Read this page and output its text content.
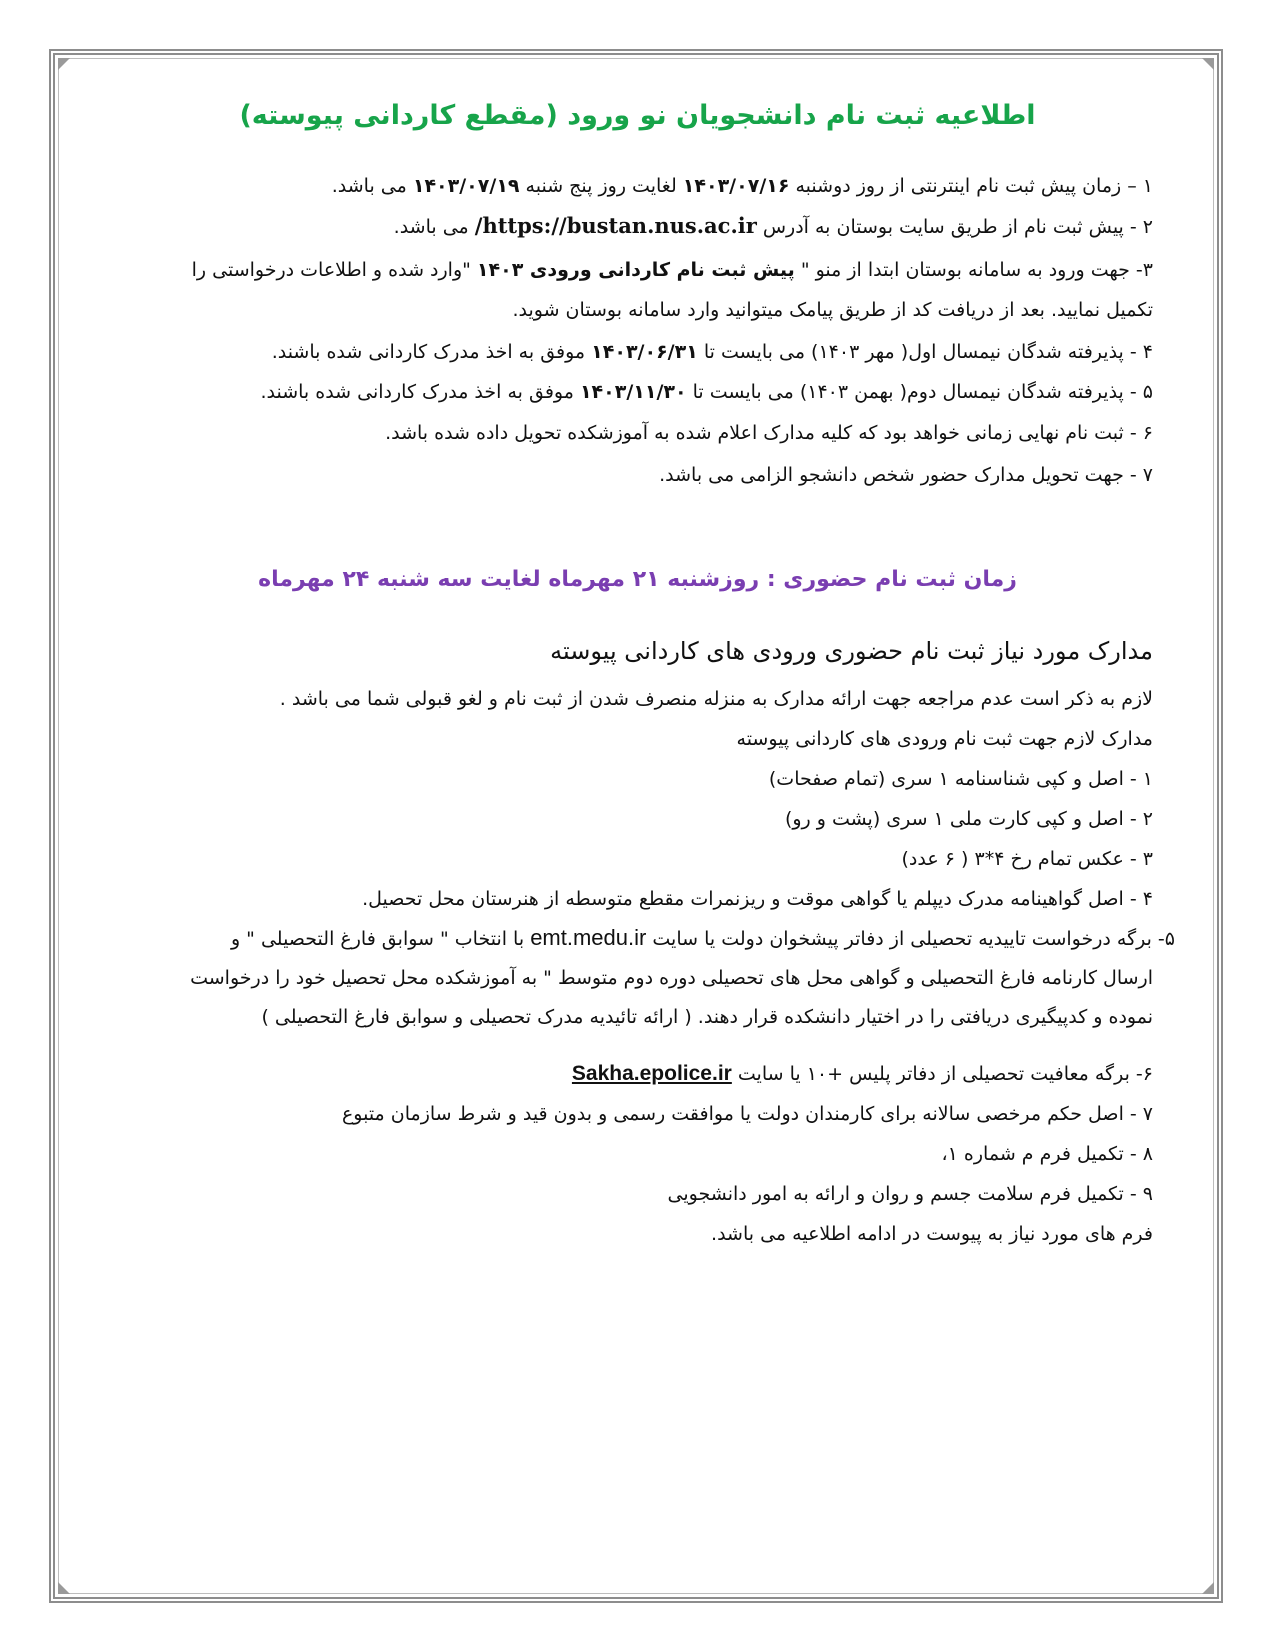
اطلاعیه ثبت نام دانشجویان نو ورود (مقطع کاردانی پیوسته)
۱ – زمان پیش ثبت نام اینترنتی از روز دوشنبه ۱۴۰۳/۰۷/۱۶ لغایت روز پنج شنبه ۱۴۰۳/۰۷/۱۹ می باشد.
۲ - پیش ثبت نام از طریق سایت بوستان به آدرس https://bustan.nus.ac.ir/ می باشد.
۳- جهت ورود به سامانه بوستان ابتدا از منو " پیش ثبت نام کاردانی ورودی ۱۴۰۳ "وارد شده و اطلاعات درخواستی را
تکمیل نمایید. بعد از دریافت کد از طریق پیامک میتوانید وارد سامانه بوستان شوید.
۴ - پذیرفته شدگان نیمسال اول( مهر ۱۴۰۳) می بایست تا ۱۴۰۳/۰۶/۳۱ موفق به اخذ مدرک کاردانی شده باشند.
۵ - پذیرفته شدگان نیمسال دوم( بهمن ۱۴۰۳) می بایست تا ۱۴۰۳/۱۱/۳۰ موفق به اخذ مدرک کاردانی شده باشند.
۶ - ثبت نام نهایی زمانی خواهد بود که کلیه مدارک اعلام شده به آموزشکده تحویل داده شده باشد.
۷ - جهت تحویل مدارک حضور شخص دانشجو الزامی می باشد.
زمان ثبت نام حضوری : روزشنبه ۲۱ مهرماه لغایت سه شنبه ۲۴ مهرماه
مدارک مورد نیاز ثبت نام حضوری ورودی های کاردانی پیوسته
لازم به ذکر است عدم مراجعه جهت ارائه مدارک به منزله منصرف شدن از ثبت نام و لغو قبولی شما می باشد .
مدارک لازم جهت ثبت نام ورودی های کاردانی پیوسته
۱ - اصل و کپی شناسنامه ۱ سری (تمام صفحات)
۲ - اصل و کپی کارت ملی ۱ سری (پشت و رو)
۳ - عکس تمام رخ ۴*۳ ( ۶ عدد)
۴ - اصل گواهینامه مدرک دیپلم یا گواهی موقت و ریزنمرات مقطع متوسطه از هنرستان محل تحصیل.
۵- برگه درخواست تاییدیه تحصیلی از دفاتر پیشخوان دولت یا سایت emt.medu.ir با انتخاب " سوابق فارغ التحصیلی " و
ارسال کارنامه فارغ التحصیلی و گواهی محل های تحصیلی دوره دوم متوسط " به آموزشکده محل تحصیل خود را درخواست
نموده و کدپیگیری دریافتی را در اختیار دانشکده قرار دهند. ( ارائه تائیدیه مدرک تحصیلی و سوابق فارغ التحصیلی )
۶- برگه معافیت تحصیلی از دفاتر پلیس +۱۰ یا سایت Sakha.epolice.ir
۷ - اصل حکم مرخصی سالانه برای کارمندان دولت یا موافقت رسمی و بدون قید و شرط سازمان متبوع
۸ - تکمیل فرم م شماره ۱،
۹ - تکمیل فرم سلامت جسم و روان و ارائه به امور دانشجویی
فرم های مورد نیاز به پیوست در ادامه اطلاعیه می باشد.
